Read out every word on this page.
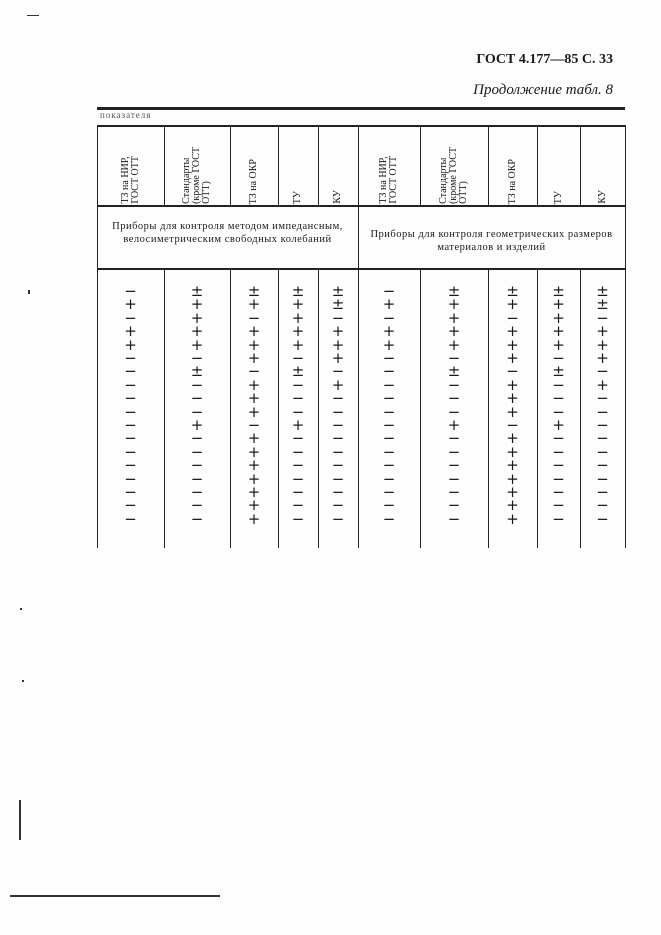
ГОСТ 4.177—85 С. 33
Продолжение табл. 8
показателя
Приборы для контроля методом импедансным, велосиметрическим свободных колебаний
ТЗ на НИР,
ГОСТ ОТТ
−
+
−
+
+
−
−
−
−
−
−
−
−
−
−
−
−
−
Стандарты
(кроме ГОСТ
ОТТ)
±
+
+
+
+
−
±
−
−
−
+
−
−
−
−
−
−
−
ТЗ на ОКР
±
+
−
+
+
+
−
+
+
+
−
+
+
+
+
+
+
+
ТУ
±
+
+
+
+
−
±
−
−
−
+
−
−
−
−
−
−
−
КУ
±
±
−
+
+
+
−
+
−
−
−
−
−
−
−
−
−
−
Приборы для контроля геометрических размеров материалов и изделий
ТЗ на НИР,
ГОСТ ОТТ
−
+
−
+
+
−
−
−
−
−
−
−
−
−
−
−
−
−
Стандарты
(кроме ГОСТ
ОТТ)
±
+
+
+
+
−
±
−
−
−
+
−
−
−
−
−
−
−
ТЗ на ОКР
±
+
−
+
+
+
−
+
+
+
−
+
+
+
+
+
+
+
ТУ
±
+
+
+
+
−
±
−
−
−
+
−
−
−
−
−
−
−
КУ
±
±
−
+
+
+
−
+
−
−
−
−
−
−
−
−
−
−
